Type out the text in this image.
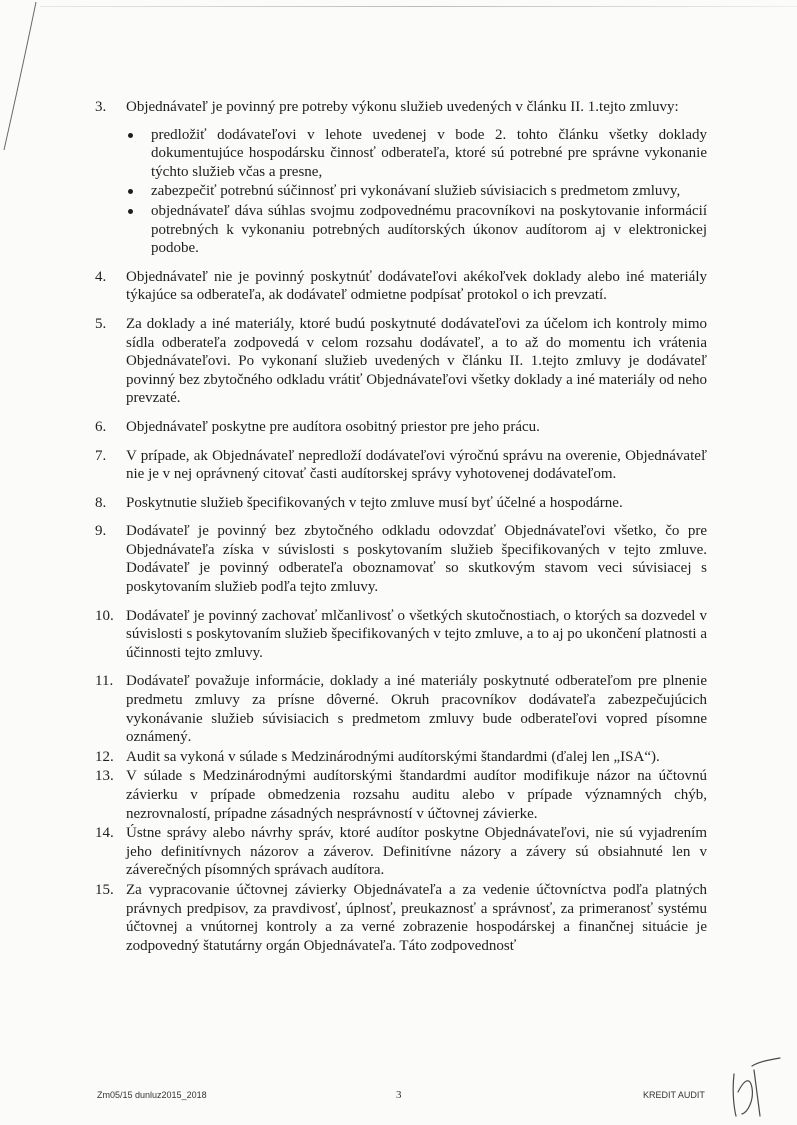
3. Objednávateľ je povinný pre potreby výkonu služieb uvedených v článku II. 1.tejto zmluvy:
predložiť dodávateľovi v lehote uvedenej v bode 2. tohto článku všetky doklady dokumentujúce hospodársku činnosť odberateľa, ktoré sú potrebné pre správne vykonanie týchto služieb včas a presne,
zabezpečiť potrebnú súčinnosť pri vykonávaní služieb súvisiacich s predmetom zmluvy,
objednávateľ dáva súhlas svojmu zodpovednému pracovníkovi na poskytovanie informácií potrebných k vykonaniu potrebných audítorských úkonov audítorom aj v elektronickej podobe.
4. Objednávateľ nie je povinný poskytnúť dodávateľovi akékoľvek doklady alebo iné materiály týkajúce sa odberateľa, ak dodávateľ odmietne podpísať protokol o ich prevzatí.
5. Za doklady a iné materiály, ktoré budú poskytnuté dodávateľovi za účelom ich kontroly mimo sídla odberateľa zodpovedá v celom rozsahu dodávateľ, a to až do momentu ich vrátenia Objednávateľovi. Po vykonaní služieb uvedených v článku II. 1.tejto zmluvy je dodávateľ povinný bez zbytočného odkladu vrátiť Objednávateľovi všetky doklady a iné materiály od neho prevzaté.
6. Objednávateľ poskytne pre audítora osobitný priestor pre jeho prácu.
7. V prípade, ak Objednávateľ nepredloží dodávateľovi výročnú správu na overenie, Objednávateľ nie je v nej oprávnený citovať časti audítorskej správy vyhotovenej dodávateľom.
8. Poskytnutie služieb špecifikovaných v tejto zmluve musí byť účelné a hospodárne.
9. Dodávateľ je povinný bez zbytočného odkladu odovzdať Objednávateľovi všetko, čo pre Objednávateľa získa v súvislosti s poskytovaním služieb špecifikovaných v tejto zmluve. Dodávateľ je povinný odberateľa oboznamovať so skutkovým stavom veci súvisiacej s poskytovaním služieb podľa tejto zmluvy.
10. Dodávateľ je povinný zachovať mlčanlivosť o všetkých skutočnostiach, o ktorých sa dozvedel v súvislosti s poskytovaním služieb špecifikovaných v tejto zmluve, a to aj po ukončení platnosti a účinnosti tejto zmluvy.
11. Dodávateľ považuje informácie, doklady a iné materiály poskytnuté odberateľom pre plnenie predmetu zmluvy za prísne dôverné. Okruh pracovníkov dodávateľa zabezpečujúcich vykonávanie služieb súvisiacich s predmetom zmluvy bude odberateľovi vopred písomne oznámený.
12. Audit sa vykoná v súlade s Medzinárodnými audítorskými štandardmi (ďalej len „ISA“).
13. V súlade s Medzinárodnými audítorskými štandardmi audítor modifikuje názor na účtovnú závierku v prípade obmedzenia rozsahu auditu alebo v prípade významných chýb, nezrovnalostí, prípadne zásadných nesprávností v účtovnej závierke.
14. Ústne správy alebo návrhy správ, ktoré audítor poskytne Objednávateľovi, nie sú vyjadrením jeho definitívnych názorov a záverov. Definitívne názory a závery sú obsiahnuté len v záverečných písomných správach audítora.
15. Za vypracovanie účtovnej závierky Objednávateľa a za vedenie účtovníctva podľa platných právnych predpisov, za pravdivosť, úplnosť, preukaznosť a správnosť, za primeranosť systému účtovnej a vnútornej kontroly a za verné zobrazenie hospodárskej a finančnej situácie je zodpovedný štatutárny orgán Objednávateľa. Táto zodpovednosť
Zm05/15 dunluz2015_2018	3	KREDIT AUDIT
